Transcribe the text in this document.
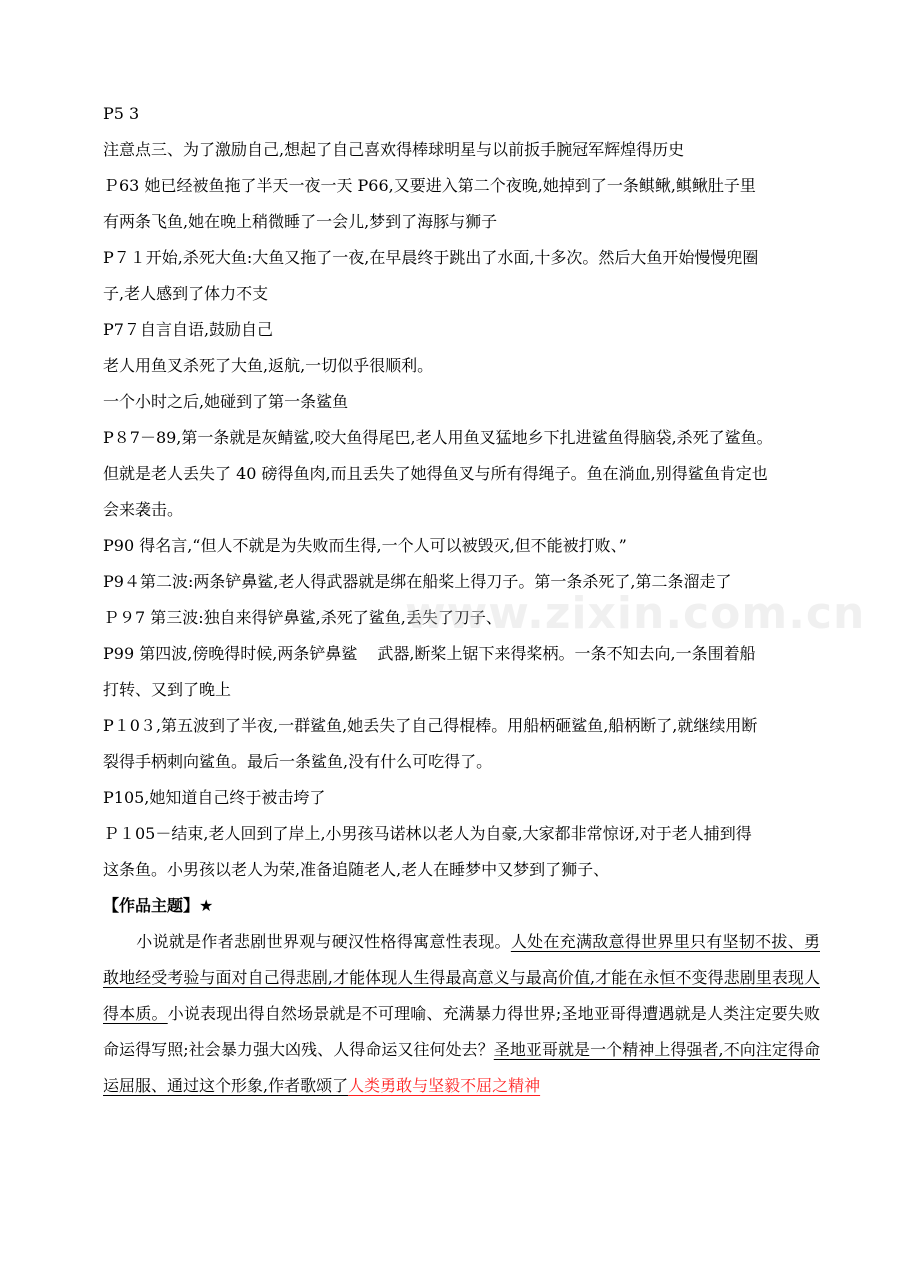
P5 3
注意点三、为了激励自己,想起了自己喜欢得棒球明星与以前扳手腕冠军辉煌得历史
Ｐ63 她已经被鱼拖了半天一夜一天 P66,又要进入第二个夜晚,她掉到了一条鲯鳅,鲯鳅肚子里
有两条飞鱼,她在晚上稍微睡了一会儿,梦到了海豚与狮子
P７１开始,杀死大鱼:大鱼又拖了一夜,在早晨终于跳出了水面,十多次。然后大鱼开始慢慢兜圈
子,老人感到了体力不支
P7７自言自语,鼓励自己
老人用鱼叉杀死了大鱼,返航,一切似乎很顺利。
一个小时之后,她碰到了第一条鲨鱼
P８7－89,第一条就是灰鲭鲨,咬大鱼得尾巴,老人用鱼叉猛地乡下扎进鲨鱼得脑袋,杀死了鲨鱼。
但就是老人丢失了 40 磅得鱼肉,而且丢失了她得鱼叉与所有得绳子。鱼在淌血,别得鲨鱼肯定也
会来袭击。
P90 得名言,“但人不就是为失败而生得,一个人可以被毁灭,但不能被打败、”
P9４第二波:两条铲鼻鲨,老人得武器就是绑在船桨上得刀子。第一条杀死了,第二条溜走了
Ｐ９7 第三波:独自来得铲鼻鲨,杀死了鲨鱼,丢失了刀子、
P99 第四波,傍晚得时候,两条铲鼻鲨 武器,断桨上锯下来得桨柄。一条不知去向,一条围着船
打转、又到了晚上
P１0３,第五波到了半夜,一群鲨鱼,她丢失了自己得棍棒。用船柄砸鲨鱼,船柄断了,就继续用断
裂得手柄刺向鲨鱼。最后一条鲨鱼,没有什么可吃得了。
P105,她知道自己终于被击垮了
Ｐ１05－结束,老人回到了岸上,小男孩马诺林以老人为自豪,大家都非常惊讶,对于老人捕到得
这条鱼。小男孩以老人为荣,准备追随老人,老人在睡梦中又梦到了狮子、
【作品主题】★
小说就是作者悲剧世界观与硬汉性格得寓意性表现。人处在充满敌意得世界里只有坚韧不拔、勇敢地经受考验与面对自己得悲剧,才能体现人生得最高意义与最高价值,才能在永恒不变得悲剧里表现人得本质。小说表现出得自然场景就是不可理喻、充满暴力得世界;圣地亚哥得遭遇就是人类注定要失败命运得写照;社会暴力强大凶残、人得命运又往何处去？圣地亚哥就是一个精神上得强者,不向注定得命运屈服、通过这个形象,作者歌颂了人类勇敢与坚毅不屈之精神
www.zixin.com.cn
